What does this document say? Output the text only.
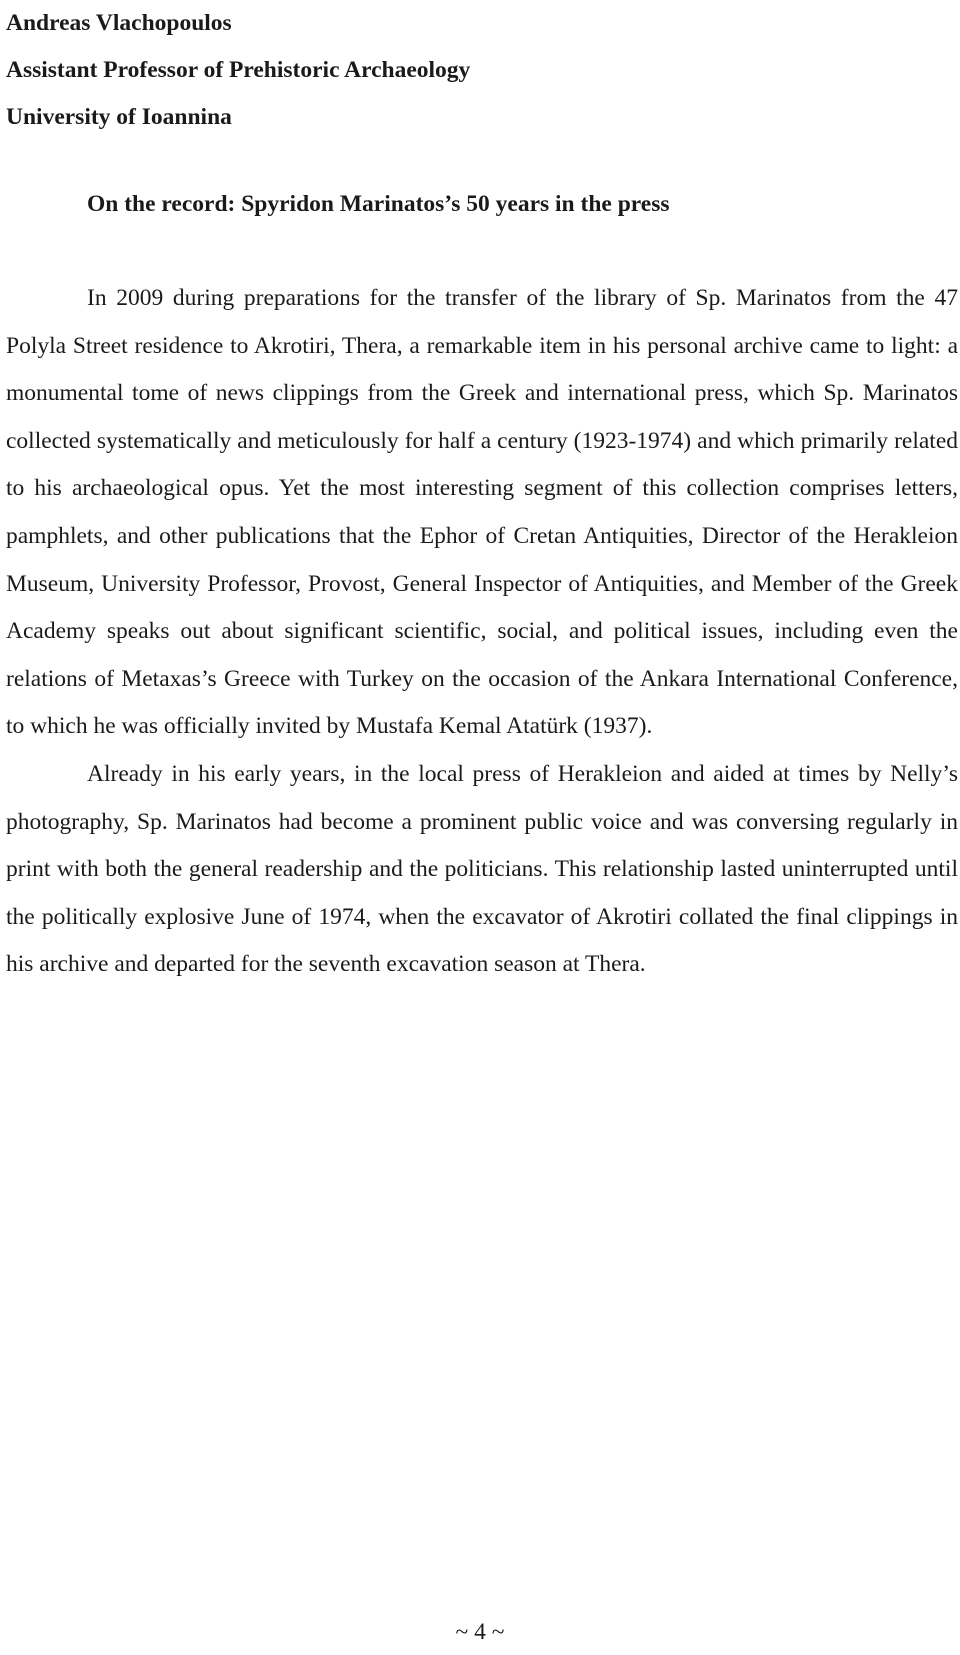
Andreas Vlachopoulos
Assistant Professor of Prehistoric Archaeology
University of Ioannina
On the record: Spyridon Marinatos’s 50 years in the press

In 2009 during preparations for the transfer of the library of Sp. Marinatos from the 47 Polyla Street residence to Akrotiri, Thera, a remarkable item in his personal archive came to light: a monumental tome of news clippings from the Greek and international press, which Sp. Marinatos collected systematically and meticulously for half a century (1923-1974) and which primarily related to his archaeological opus. Yet the most interesting segment of this collection comprises letters, pamphlets, and other publications that the Ephor of Cretan Antiquities, Director of the Herakleion Museum, University Professor, Provost, General Inspector of Antiquities, and Member of the Greek Academy speaks out about significant scientific, social, and political issues, including even the relations of Metaxas’s Greece with Turkey on the occasion of the Ankara International Conference, to which he was officially invited by Mustafa Kemal Atatürk (1937).

Already in his early years, in the local press of Herakleion and aided at times by Nelly’s photography, Sp. Marinatos had become a prominent public voice and was conversing regularly in print with both the general readership and the politicians. This relationship lasted uninterrupted until the politically explosive June of 1974, when the excavator of Akrotiri collated the final clippings in his archive and departed for the seventh excavation season at Thera.

~ 4 ~
